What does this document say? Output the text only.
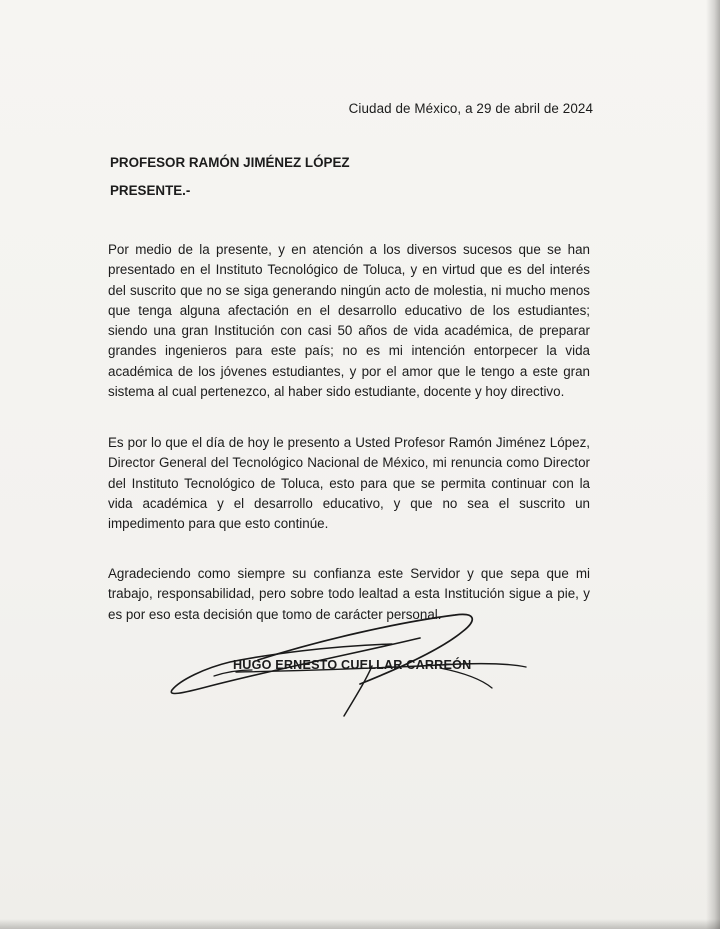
Ciudad de México, a 29 de abril de 2024
PROFESOR RAMÓN JIMÉNEZ LÓPEZ
PRESENTE.-

Por medio de la presente, y en atención a los diversos sucesos que se han presentado en el Instituto Tecnológico de Toluca, y en virtud que es del interés del suscrito que no se siga generando ningún acto de molestia, ni mucho menos que tenga alguna afectación en el desarrollo educativo de los estudiantes; siendo una gran Institución con casi 50 años de vida académica, de preparar grandes ingenieros para este país; no es mi intención entorpecer la vida académica de los jóvenes estudiantes, y por el amor que le tengo a este gran sistema al cual pertenezco, al haber sido estudiante, docente y hoy directivo.

Es por lo que el día de hoy le presento a Usted Profesor Ramón Jiménez López, Director General del Tecnológico Nacional de México, mi renuncia como Director del Instituto Tecnológico de Toluca, esto para que se permita continuar con la vida académica y el desarrollo educativo, y que no sea el suscrito un impedimento para que esto continúe.

Agradeciendo como siempre su confianza este Servidor y que sepa que mi trabajo, responsabilidad, pero sobre todo lealtad a esta Institución sigue a pie, y es por eso esta decisión que tomo de carácter personal.

HUGO ERNESTO CUELLAR CARREÓN
